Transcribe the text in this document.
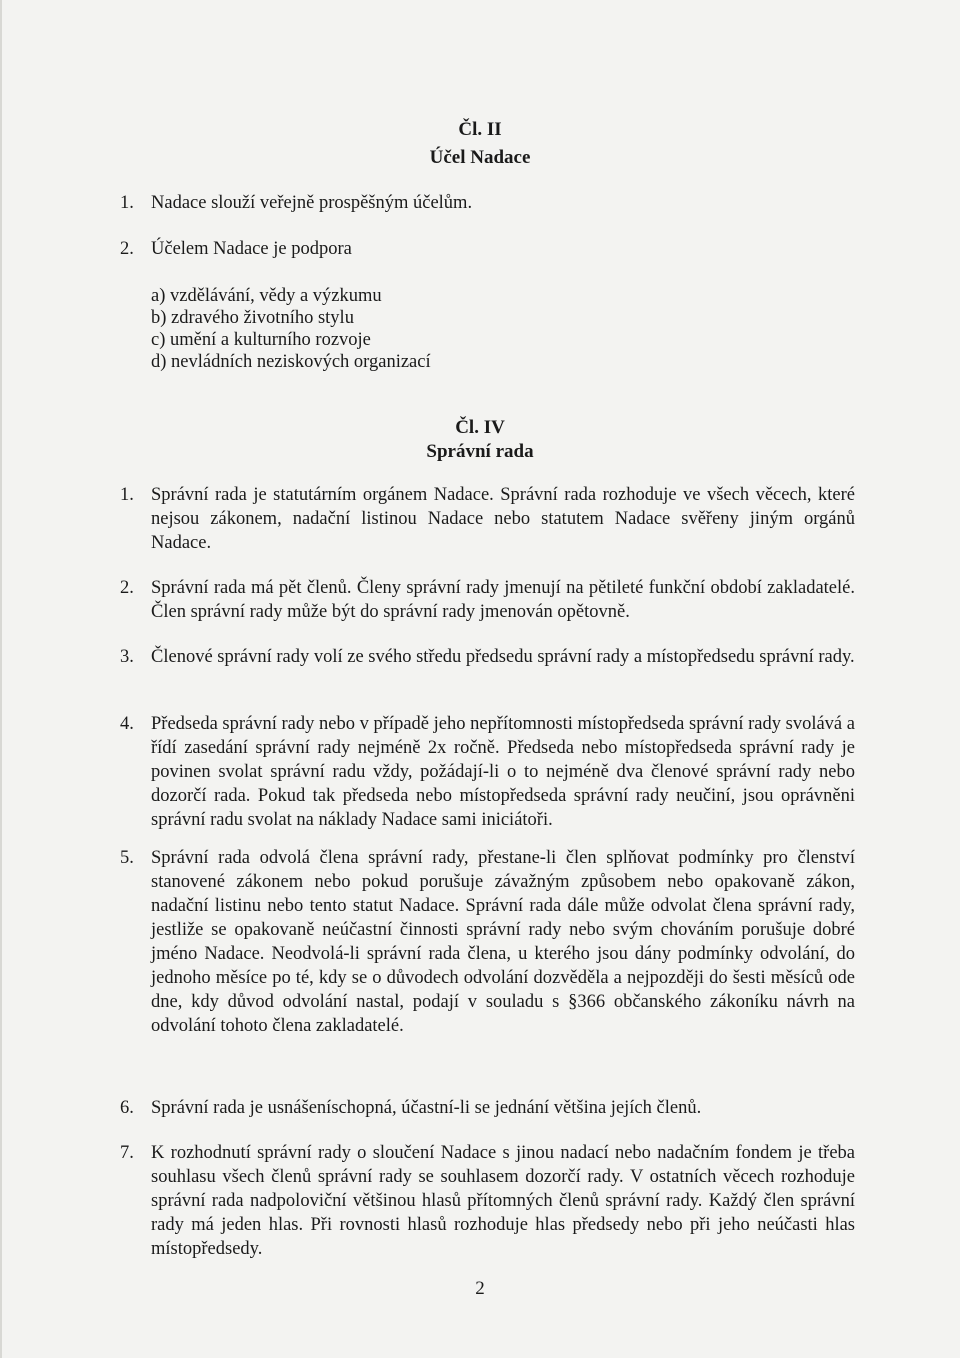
Čl. II
Účel Nadace
1. Nadace slouží veřejně prospěšným účelům.
2. Účelem Nadace je podpora
a) vzdělávání, vědy a výzkumu
b) zdravého životního stylu
c) umění a kulturního rozvoje
d) nevládních neziskových organizací
Čl. IV
Správní rada
1. Správní rada je statutárním orgánem Nadace. Správní rada rozhoduje ve všech věcech, které nejsou zákonem, nadační listinou Nadace nebo statutem Nadace svěřeny jiným orgánů Nadace.
2. Správní rada má pět členů. Členy správní rady jmenují na pětileté funkční období zakladatelé. Člen správní rady může být do správní rady jmenován opětovně.
3. Členové správní rady volí ze svého středu předsedu správní rady a místopředsedu správní rady.
4. Předseda správní rady nebo v případě jeho nepřítomnosti místopředseda správní rady svolává a řídí zasedání správní rady nejméně 2x ročně. Předseda nebo místopředseda správní rady je povinen svolat správní radu vždy, požádají-li o to nejméně dva členové správní rady nebo dozorčí rada. Pokud tak předseda nebo místopředseda správní rady neučiní, jsou oprávněni správní radu svolat na náklady Nadace sami iniciátoři.
5. Správní rada odvolá člena správní rady, přestane-li člen splňovat podmínky pro členství stanovené zákonem nebo pokud porušuje závažným způsobem nebo opakovaně zákon, nadační listinu nebo tento statut Nadace. Správní rada dále může odvolat člena správní rady, jestliže se opakovaně neúčastní činnosti správní rady nebo svým chováním porušuje dobré jméno Nadace. Neodvolá-li správní rada člena, u kterého jsou dány podmínky odvolání, do jednoho měsíce po té, kdy se o důvodech odvolání dozvěděla a nejpozději do šesti měsíců ode dne, kdy důvod odvolání nastal, podají v souladu s §366 občanského zákoníku návrh na odvolání tohoto člena zakladatelé.
6. Správní rada je usnášeníschopná, účastní-li se jednání většina jejích členů.
7. K rozhodnutí správní rady o sloučení Nadace s jinou nadací nebo nadačním fondem je třeba souhlasu všech členů správní rady se souhlasem dozorčí rady. V ostatních věcech rozhoduje správní rada nadpoloviční většinou hlasů přítomných členů správní rady. Každý člen správní rady má jeden hlas. Při rovnosti hlasů rozhoduje hlas předsedy nebo při jeho neúčasti hlas místopředsedy.
2
